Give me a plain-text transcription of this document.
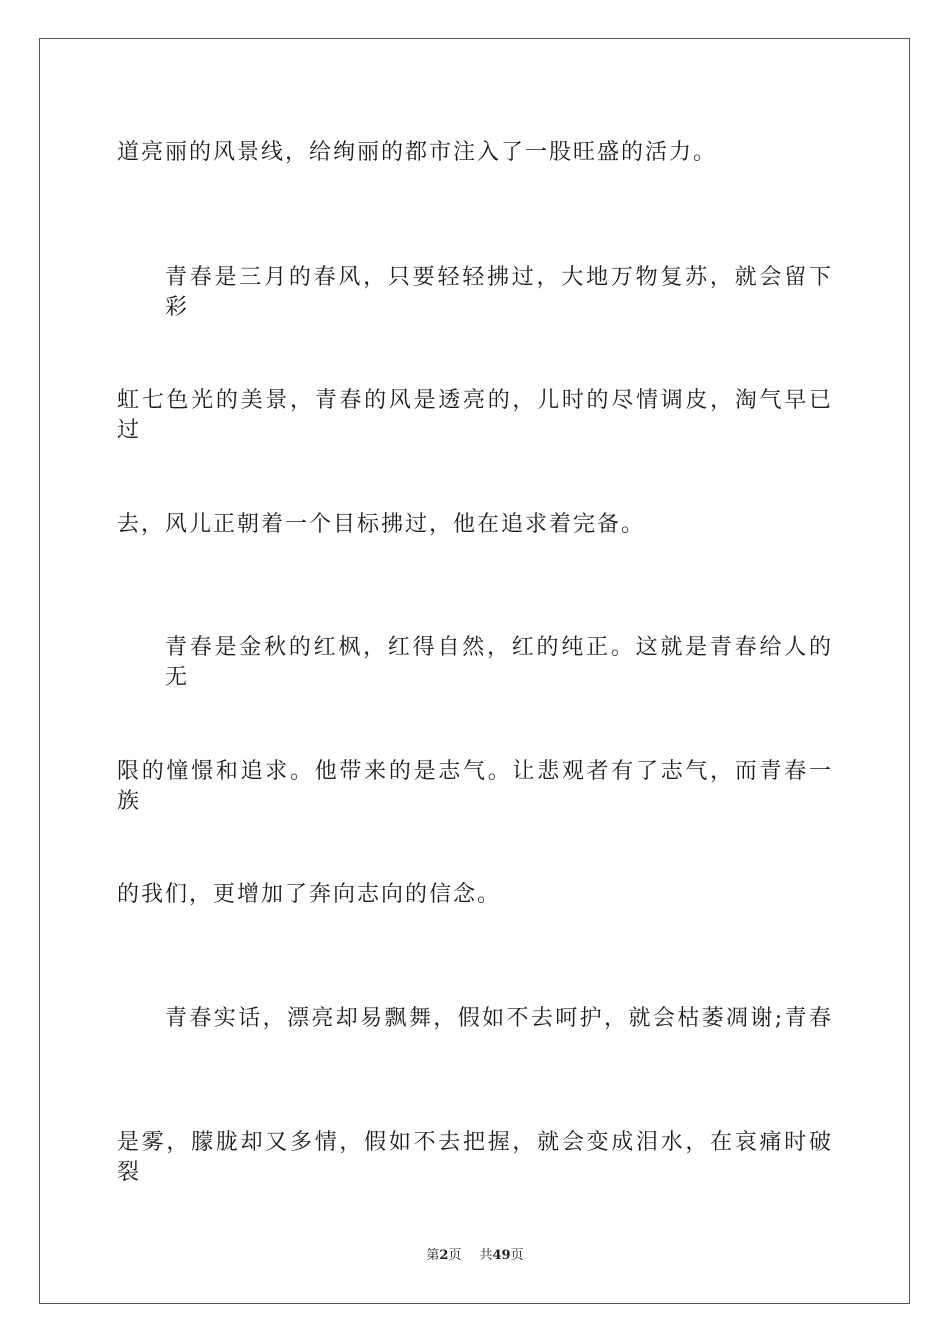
道亮丽的风景线，给绚丽的都市注入了一股旺盛的活力。
青春是三月的春风，只要轻轻拂过，大地万物复苏，就会留下彩
虹七色光的美景，青春的风是透亮的，儿时的尽情调皮，淘气早已过
去，风儿正朝着一个目标拂过，他在追求着完备。
青春是金秋的红枫，红得自然，红的纯正。这就是青春给人的无
限的憧憬和追求。他带来的是志气。让悲观者有了志气，而青春一族
的我们，更增加了奔向志向的信念。
青春实话，漂亮却易飘舞，假如不去呵护，就会枯萎凋谢;青春
是雾，朦胧却又多情，假如不去把握，就会变成泪水，在哀痛时破裂
第2页 共49页
